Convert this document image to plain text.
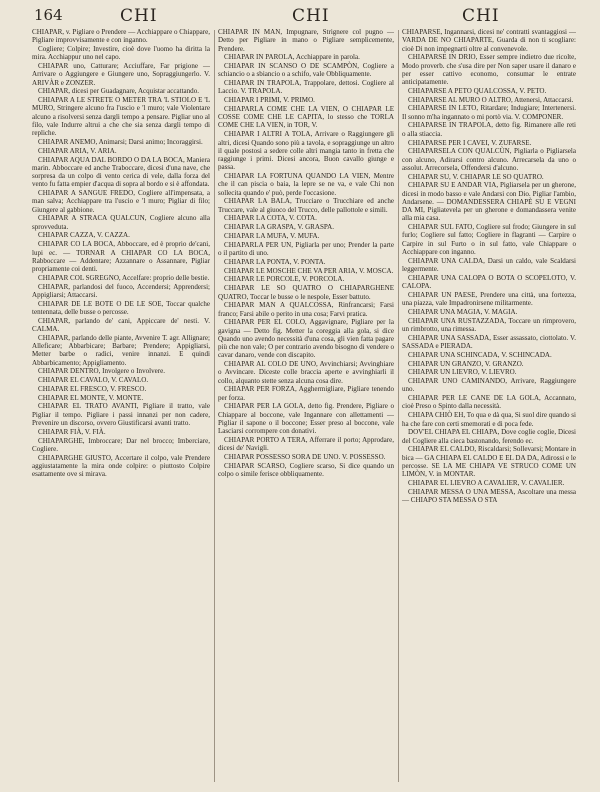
164	CHI	CHI	CHI

CHIAPAR, v. Pigliare o Prendere — Acchiappare o Chiappare, Pigliare improvvisamente e con inganno.

Cogliere; Colpire; Investire, cioè dove l'uomo ha diritta la mira. Acchiappur uno nel capo.

CHIAPAR uno, Catturare; Acciuffare, Far prigione — Arrivare o Aggiungere e Giungere uno, Sopraggiungerlo. V. ARIVÀR e ZONZER.

CHIAPAR, dicesi per Guadagnare, Acquistar accattando.

CHIAPAR A LE STRETE O METER TRA 'L STIOLO E 'L MURO, Stringere alcuno fra l'uscio e 'l muro; vale Violentare alcuno a risolversi senza dargli tempo a pensare. Pigliar uno al filo, vale Indurre altrui a che che sia senza dargli tempo di repliche.

CHIAPAR ANEMO, Animarsi; Darsi animo; Incoraggirsi.

CHIAPAR ARIA, V. ARIA.

CHIAPAR AQUA DAL BORDO O DA LA BOCA, Maniera marin. Abboccare ed anche Traboccare, dicesi d'una nave, che sorpresa da un colpo di vento cerica di vele, dalla forza del vento fu fatta empier d'acqua di sopra al bordo e si è affondata.

CHIAPAR A SANGUE FREDO, Cogliere all'impensata, a man salva; Acchiappare tra l'uscio e 'l muro; Pigliar di filo; Giungere al gabbione.

CHIAPAR A STRACA QUALCUN, Cogliere alcuno alla sprovveduta.

CHIAPAR CAZZA, V. CAZZA.

CHIAPAR CO LA BOCA, Abboccare, ed è proprio de'cani, lupi ec. — TORNAR A CHIAPAR CO LA BOCA, Rabboccare — Addentare; Azzannare o Assannare, Pigliar propriamente coi denti.

CHIAPAR COL SGREGNO, Accelfare: proprio delle bestie.

CHIAPAR, parlandosi del fuoco, Accendersi; Apprendersi; Appigliarsi; Attaccarsi.

CHIAPAR DE LE BOTE O DE LE SOE, Toccar qualche tentennata, delle busse o percosse.

CHIAPAR, parlando de' cani, Appiccare de' nesti. V. CALMA.

CHIAPAR, parlando delle piante, Avvenire T. agr. Allignare; Alleficare; Abbarbicare; Barbare; Prendere; Appigliarsi, Metter barbe o radici, venire innanzi. E quindi Abbarbicamento; Appigliamento.

CHIAPAR DENTRO, Involgere o Involvere.

CHIAPAR EL CAVALO, V. CAVALO.

CHIAPAR EL FRESCO, V. FRESCO.

CHIAPAR EL MONTE, V. MONTE.

CHIAPAR EL TRATO AVANTI, Pigliare il tratto, vale Pigliar il tempo. Pigliare i passi innanzi per non cadere, Prevenire un discorso, ovvero Giustificarsi avanti tratto.

CHIAPAR FIÀ, V. FIÀ.

CHIAPARGHE, Imbroccare; Dar nel brocco; Imberciare, Cogliere.

CHIAPARGHE GIUSTO, Accertare il colpo, vale Prendere aggiustatamente la mira onde colpire: o piuttosto Colpire esattamente ove si mirava.

CHIAPAR IN MAN, Impugnare, Strignere col pugno — Detto per Pigliare in mano o Pigliare semplicemente, Prendere.

CHIAPAR IN PAROLA, Acchiappare in parola.

CHIAPAR IN SCANSO O DE SCAMPÒN, Cogliere a schiancio o a sbiancio o a schifo, vale Obbliquamente.

CHIAPAR IN TRAPOLA, Trappolare, dettosi. Cogliere al Laccio. V. TRAPOLA.

CHIAPAR I PRIMI, V. PRIMO.

CHIAPARLA COME CHE LA VIEN, O CHIAPAR LE COSSE COME CHE LE CAPITA, lo stesso che TORLA COME CHE LA VIEN, in TOR, V.

CHIAPAR I ALTRI A TOLA, Arrivare o Raggiungere gli altri, dicesi Quando sono più a tavola, e sopraggiunge un altro il quale postosi a sedere colle altri mangia tanto in fretta che raggiunge i primi. Dicesi ancora, Buon cavallo giunge e passa.

CHIAPAR LA FORTUNA QUANDO LA VIEN, Mentre che il can piscia o baia, la lepre se ne va, e vale Chi non sollecita quando e' può, perde l'occasione.

CHIAPAR LA BALA, Trucciare o Trucchiare ed anche Truccare, vale al giuoco del Trucco, delle pallottole e simili.

CHIAPAR LA COTA, V. COTA.

CHIAPAR LA GRASPA, V. GRASPA.

CHIAPAR LA MUFA, V. MUFA.

CHIAPARLA PER UN, Pigliarla per uno; Prender la parte o il partito di uno.

CHIAPAR LA PONTA, V. PONTA.

CHIAPAR LE MOSCHE CHE VA PER ARIA, V. MOSCA.

CHIAPAR LE PORCOLE, V. PORCOLA.

CHIAPAR LE SO QUATRO O CHIAPARGHENE QUATRO, Toccar le busse o le nespole, Esser battuto.

CHIAPAR MAN A QUALCOSSA, Rinfrancarsi; Farsi franco; Farsi abile o perito in una cosa; Farvi pratica.

CHIAPAR PER EL COLO, Aggavignare, Pigliare per la gavigna — Detto fig. Metter la coreggia alla gola, si dice Quando uno avendo necessità d'una cosa, gli vien fatta pagare più che non vale; O per contrario avendo bisogno di vendere o cavar danaro, vende con discapito.

CHIAPAR AL COLO DE UNO, Avvinchiarsi; Avvinghiare o Avvincare. Diceste colle braccia aperte e avvinghiarli il collo, alquanto stette senza alcuna cosa dire.

CHIAPAR PER FORZA, Agghermigliare, Pigliare tenendo per forza.

CHIAPAR PER LA GOLA, detto fig. Prendere, Pigliare o Chiappare al boccone, vale Ingannare con allettamenti — Pigliar il sapone o il boccone; Esser preso al boccone, vale Lasciarsi corrompere con donativi.

CHIAPAR PORTO A TERA, Afferrare il porto; Approdare, dicesi de' Navigli.

CHIAPAR POSSESSO SORA DE UNO. V. POSSESSO.

CHIAPAR SCARSO, Cogliere scarso, Si dice quando un colpo o simile ferisce obbliquamente.

CHIAPARSE, Ingannarsi, dicesi ne' contratti svantaggiosi — VARDA DE NO CHIAPARTE, Guarda di non ti scogliare: cioè Di non impegnarti oltre al convenevole.

CHIAPARSE IN DRIO, Esser sempre indietro due ricolte, Modo proverb. che s'usa dire per Non saper usare il danaro e per esser cattivo economo, consumar le entrate anticipatamente.

CHIAPARSE A PETO QUALCOSSA, V. PETO.

CHIAPARSE AL MURO O ALTRO, Attenersi, Attaccarsi.

CHIAPARSE IN LETO, Ritardare; Indugiare; Intertenersi. Il sonno m'ha ingannato o mi portò via. V. COMPONER.

CHIAPARSE IN TRAPOLA, detto fig. Rimanere alle reti o alla stiaccia.

CHIAPARSE PER I CAVEI, V. ZUFARSE.

CHIAPARSELA CON QUALCÙN, Pigliarla o Pigliarsela con alcuno, Adirarsi contro alcuno. Arrecarsela da uno o assolut. Arrecorsela, Offendersi d'alcuno.

CHIAPAR SU, V. CHIAPAR LE SO QUATRO.

CHIAPAR SU E ANDAR VIA, Pigliarsela per un gherone, dicesi in modo basso e vale Andarsi con Dio. Pigliar l'ambio, Andarsene. — DOMANDESSERA CHIAPÈ SU E VEGNI DA MI, Pigliatevela per un gherone e domandassera venite alla mia casa.

CHIAPAR SUL FATO, Cogliere sul frodo; Giungere in sul furlo; Cogliere sul fatto; Cogliere in flagranti — Carpire o Carpire in sul Furto o in sul fatto, vale Chiappare o Acchiappare con inganno.

CHIAPAR UNA CALDA, Darsi un caldo, vale Scaldarsi leggermente.

CHIAPAR UNA CALOPA O BOTA O SCOPELOTO, V. CALOPA.

CHIAPAR UN PAESE, Prendere una città, una fortezza, una piazza, vale Impadronirsene militarmente.

CHIAPAR UNA MAGIA, V. MAGIA.

CHIAPAR UNA RUSTAZZADA, Toccare un rimprovero, un rimbrotto, una rimessa.

CHIAPAR UNA SASSADA, Esser assassato, ciottolato. V. SASSADA e PIERADA.

CHIAPAR UNA SCHINCADA, V. SCHINCADA.

CHIAPAR UN GRANZO, V. GRANZO.

CHIAPAR UN LIEVRO, V. LIEVRO.

CHIAPAR UNO CAMINANDO, Arrivare, Raggiungere uno.

CHIAPAR PER LE CANE DE LA GOLA, Accannato, cioè Preso o Spinto dalla necessità.

CHIAPA CHIÒ EH, To qua e dà qua, Si suol dire quando si ha che fare con certi smemorati e di poca fede.

DOV'EL CHIAPA EL CHIAPA, Dove coglie coglie, Dicesi del Cogliere alla cieca bastonando, ferendo ec.

CHIAPAR EL CALDO, Riscaldarsi; Sollevarsi; Montare in bica — GA CHIAPA EL CALDO E EL DA DA, Adirossi e le percosse. SE LA ME CHIAPA VE STRUCO COME UN LIMÒN, V. in MONTAR.

CHIAPAR EL LIEVRO A CAVALIER, V. CAVALIER.

CHIAPAR MESSA O UNA MESSA, Ascoltare una messa — CHIAPO STA MESSA O STA
